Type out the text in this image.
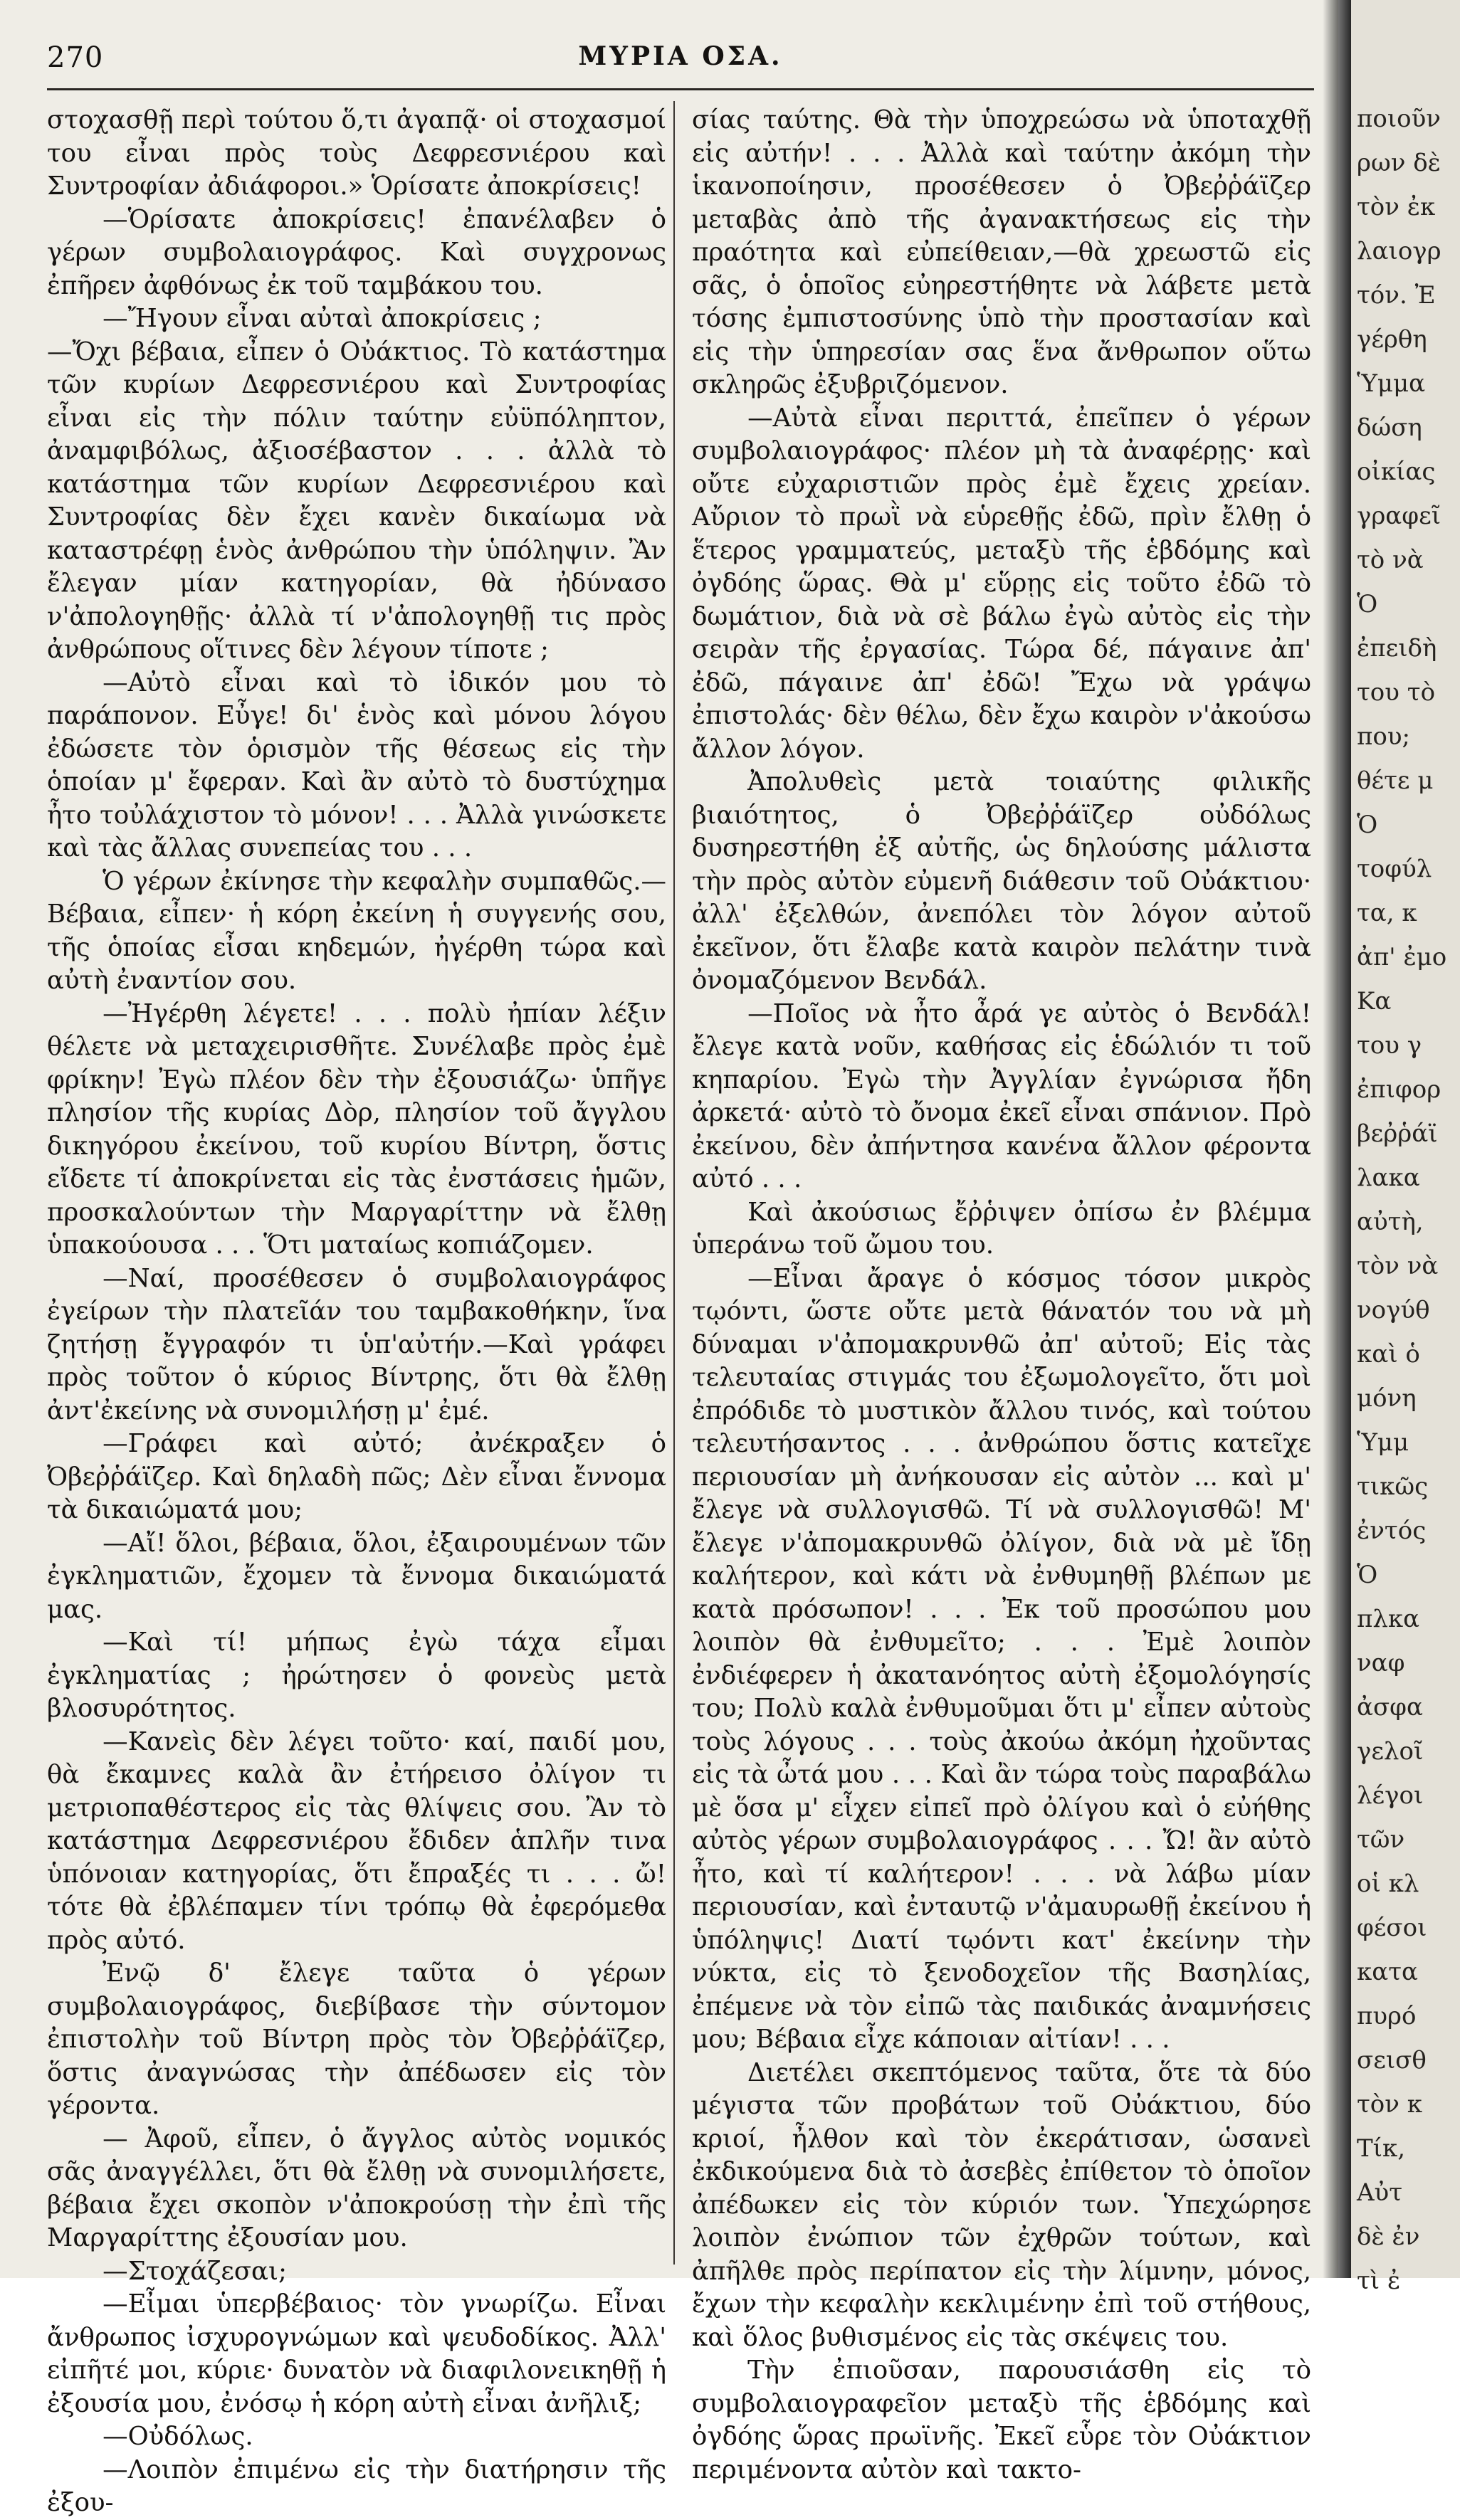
270	ΜΥΡΙΑ ΟΣΑ.

στοχασθῇ περὶ τούτου ὅ,τι ἀγαπᾷ· οἱ στοχασμοί του εἶναι πρὸς τοὺς Δεφρεσνιέρου καὶ Συντροφίαν ἀδιάφοροι.» Ὁρίσατε ἀποκρίσεις!

—Ὁρίσατε ἀποκρίσεις! ἐπανέλαβεν ὁ γέρων συμβολαιογράφος. Καὶ συγχρονως ἐπῆρεν ἀφθόνως ἐκ τοῦ ταμβάκου του.

—Ἤγουν εἶναι αὐταὶ ἀποκρίσεις ;

—Ὄχι βέβαια, εἶπεν ὁ Οὐάκτιος. Τὸ κατάστημα τῶν κυρίων Δεφρεσνιέρου καὶ Συντροφίας εἶναι εἰς τὴν πόλιν ταύτην εὐϋπόληπτον, ἀναμφιβόλως, ἀξιοσέβαστον . . . ἀλλὰ τὸ κατάστημα τῶν κυρίων Δεφρεσνιέρου καὶ Συντροφίας δὲν ἔχει κανὲν δικαίωμα νὰ καταστρέφῃ ἑνὸς ἀνθρώπου τὴν ὑπόληψιν. Ἂν ἔλεγαν μίαν κατηγορίαν, θὰ ἠδύνασο ν'ἀπολογηθῇς· ἀλλὰ τί ν'ἀπολογηθῇ τις πρὸς ἀνθρώπους οἵτινες δὲν λέγουν τίποτε ;

—Αὐτὸ εἶναι καὶ τὸ ἰδικόν μου τὸ παράπονον. Εὖγε! δι' ἑνὸς καὶ μόνου λόγου ἐδώσετε τὸν ὁρισμὸν τῆς θέσεως εἰς τὴν ὁποίαν μ' ἔφεραν. Καὶ ἂν αὐτὸ τὸ δυστύχημα ἦτο τοὐλάχιστον τὸ μόνον! . . . Ἀλλὰ γινώσκετε καὶ τὰς ἄλλας συνεπείας του . . .

Ὁ γέρων ἐκίνησε τὴν κεφαλὴν συμπαθῶς.—Βέβαια, εἶπεν· ἡ κόρη ἐκείνη ἡ συγγενής σου, τῆς ὁποίας εἶσαι κηδεμών, ἠγέρθη τώρα καὶ αὐτὴ ἐναντίον σου.

—Ἠγέρθη λέγετε! . . . πολὺ ἠπίαν λέξιν θέλετε νὰ μεταχειρισθῆτε. Συνέλαβε πρὸς ἐμὲ φρίκην! Ἐγὼ πλέον δὲν τὴν ἐξουσιάζω· ὑπῆγε πλησίον τῆς κυρίας Δὸρ, πλησίον τοῦ ἄγγλου δικηγόρου ἐκείνου, τοῦ κυρίου Βίντρη, ὅστις εἴδετε τί ἀποκρίνεται εἰς τὰς ἐνστάσεις ἡμῶν, προσκαλούντων τὴν Μαργαρίττην νὰ ἔλθῃ ὑπακούουσα . . . Ὅτι ματαίως κοπιάζομεν.

—Ναί, προσέθεσεν ὁ συμβολαιογράφος ἐγείρων τὴν πλατεῖάν του ταμβακοθήκην, ἵνα ζητήσῃ ἔγγραφόν τι ὑπ'αὐτήν.—Καὶ γράφει πρὸς τοῦτον ὁ κύριος Βίντρης, ὅτι θὰ ἔλθῃ ἀντ'ἐκείνης νὰ συνομιλήσῃ μ' ἐμέ.

—Γράφει καὶ αὐτό; ἀνέκραξεν ὁ Ὀβεῤῥάϊζερ. Καὶ δηλαδὴ πῶς; Δὲν εἶναι ἔννομα τὰ δικαιώματά μου;

—Αἴ! ὅλοι, βέβαια, ὅλοι, ἐξαιρουμένων τῶν ἐγκληματιῶν, ἔχομεν τὰ ἔννομα δικαιώματά μας.

—Καὶ τί! μήπως ἐγὼ τάχα εἶμαι ἐγκληματίας ; ἠρώτησεν ὁ φονεὺς μετὰ βλοσυρότητος.

—Κανεὶς δὲν λέγει τοῦτο· καί, παιδί μου, θὰ ἔκαμνες καλὰ ἂν ἐτήρεισο ὀλίγον τι μετριοπαθέστερος εἰς τὰς θλίψεις σου. Ἂν τὸ κατάστημα Δεφρεσνιέρου ἔδιδεν ἁπλῆν τινα ὑπόνοιαν κατηγορίας, ὅτι ἔπραξές τι . . . ὤ! τότε θὰ ἐβλέπαμεν τίνι τρόπῳ θὰ ἐφερόμεθα πρὸς αὐτό.

Ἐνῷ δ' ἔλεγε ταῦτα ὁ γέρων συμβολαιογράφος, διεβίβασε τὴν σύντομον ἐπιστολὴν τοῦ Βίντρη πρὸς τὸν Ὀβεῤῥάϊζερ, ὅστις ἀναγνώσας τὴν ἀπέδωσεν εἰς τὸν γέροντα.

— Ἀφοῦ, εἶπεν, ὁ ἄγγλος αὐτὸς νομικός σᾶς ἀναγγέλλει, ὅτι θὰ ἔλθῃ νὰ συνομιλήσετε, βέβαια ἔχει σκοπὸν ν'ἀποκρούσῃ τὴν ἐπὶ τῆς Μαργαρίττης ἐξουσίαν μου.

—Στοχάζεσαι;

—Εἶμαι ὑπερβέβαιος· τὸν γνωρίζω. Εἶναι ἄνθρωπος ἰσχυρογνώμων καὶ ψευδοδίκος. Ἀλλ' εἰπῆτέ μοι, κύριε· δυνατὸν νὰ διαφιλονεικηθῇ ἡ ἐξουσία μου, ἐνόσῳ ἡ κόρη αὐτὴ εἶναι ἀνῆλιξ;

—Οὐδόλως.

—Λοιπὸν ἐπιμένω εἰς τὴν διατήρησιν τῆς ἐξου-

σίας ταύτης. Θὰ τὴν ὑποχρεώσω νὰ ὑποταχθῇ εἰς αὐτήν! . . . Ἀλλὰ καὶ ταύτην ἀκόμη τὴν ἱκανοποίησιν, προσέθεσεν ὁ Ὀβεῤῥάϊζερ μεταβὰς ἀπὸ τῆς ἀγανακτήσεως εἰς τὴν πραότητα καὶ εὐπείθειαν,—θὰ χρεωστῶ εἰς σᾶς, ὁ ὁποῖος εὐηρεστήθητε νὰ λάβετε μετὰ τόσης ἐμπιστοσύνης ὑπὸ τὴν προστασίαν καὶ εἰς τὴν ὑπηρεσίαν σας ἕνα ἄνθρωπον οὕτω σκληρῶς ἐξυβριζόμενον.

—Αὐτὰ εἶναι περιττά, ἐπεῖπεν ὁ γέρων συμβολαιογράφος· πλέον μὴ τὰ ἀναφέρῃς· καὶ οὔτε εὐχαριστιῶν πρὸς ἐμὲ ἔχεις χρείαν. Αὔριον τὸ πρωῒ νὰ εὑρεθῇς ἐδῶ, πρὶν ἔλθῃ ὁ ἕτερος γραμματεύς, μεταξὺ τῆς ἑβδόμης καὶ ὀγδόης ὥρας. Θὰ μ' εὕρῃς εἰς τοῦτο ἐδῶ τὸ δωμάτιον, διὰ νὰ σὲ βάλω ἐγὼ αὐτὸς εἰς τὴν σειρὰν τῆς ἐργασίας. Τώρα δέ, πάγαινε ἀπ' ἐδῶ, πάγαινε ἀπ' ἐδῶ! Ἔχω νὰ γράψω ἐπιστολάς· δὲν θέλω, δὲν ἔχω καιρὸν ν'ἀκούσω ἄλλον λόγον.

Ἀπολυθεὶς μετὰ τοιαύτης φιλικῆς βιαιότητος, ὁ Ὀβεῤῥάϊζερ οὐδόλως δυσηρεστήθη ἐξ αὐτῆς, ὡς δηλούσης μάλιστα τὴν πρὸς αὐτὸν εὐμενῆ διάθεσιν τοῦ Οὐάκτιου· ἀλλ' ἐξελθών, ἀνεπόλει τὸν λόγον αὐτοῦ ἐκεῖνον, ὅτι ἔλαβε κατὰ καιρὸν πελάτην τινὰ ὀνομαζόμενον Βενδάλ.

—Ποῖος νὰ ἦτο ἆρά γε αὐτὸς ὁ Βενδάλ! ἔλεγε κατὰ νοῦν, καθήσας εἰς ἑδώλιόν τι τοῦ κηπαρίου. Ἐγὼ τὴν Ἀγγλίαν ἐγνώρισα ἤδη ἀρκετά· αὐτὸ τὸ ὄνομα ἐκεῖ εἶναι σπάνιον. Πρὸ ἐκείνου, δὲν ἀπήντησα κανένα ἄλλον φέροντα αὐτό . . .

Καὶ ἀκούσιως ἔῤῥιψεν ὀπίσω ἐν βλέμμα ὑπεράνω τοῦ ὤμου του.

—Εἶναι ἄραγε ὁ κόσμος τόσον μικρὸς τῳόντι, ὥστε οὔτε μετὰ θάνατόν του νὰ μὴ δύναμαι ν'ἀπομακρυνθῶ ἀπ' αὐτοῦ; Εἰς τὰς τελευταίας στιγμάς του ἐξωμολογεῖτο, ὅτι μοὶ ἐπρόδιδε τὸ μυστικὸν ἄλλου τινός, καὶ τούτου τελευτήσαντος . . . ἀνθρώπου ὅστις κατεῖχε περιουσίαν μὴ ἀνήκουσαν εἰς αὐτὸν ... καὶ μ' ἔλεγε νὰ συλλογισθῶ. Τί νὰ συλλογισθῶ! Μ' ἔλεγε ν'ἀπομακρυνθῶ ὀλίγον, διὰ νὰ μὲ ἴδῃ καλήτερον, καὶ κάτι νὰ ἐνθυμηθῇ βλέπων με κατὰ πρόσωπον! . . . Ἐκ τοῦ προσώπου μου λοιπὸν θὰ ἐνθυμεῖτο; . . . Ἐμὲ λοιπὸν ἐνδιέφερεν ἡ ἀκατανόητος αὐτὴ ἐξομολόγησίς του; Πολὺ καλὰ ἐνθυμοῦμαι ὅτι μ' εἶπεν αὐτοὺς τοὺς λόγους . . . τοὺς ἀκούω ἀκόμη ἠχοῦντας εἰς τὰ ὦτά μου . . . Καὶ ἂν τώρα τοὺς παραβάλω μὲ ὅσα μ' εἶχεν εἰπεῖ πρὸ ὀλίγου καὶ ὁ εὐήθης αὐτὸς γέρων συμβολαιογράφος . . . Ὤ! ἂν αὐτὸ ἦτο, καὶ τί καλήτερον! . . . νὰ λάβω μίαν περιουσίαν, καὶ ἐνταυτῷ ν'ἀμαυρωθῇ ἐκείνου ἡ ὑπόληψις! Διατί τῳόντι κατ' ἐκείνην τὴν νύκτα, εἰς τὸ ξενοδοχεῖον τῆς Βασηλίας, ἐπέμενε νὰ τὸν εἰπῶ τὰς παιδικάς ἀναμνήσεις μου; Βέβαια εἶχε κάποιαν αἰτίαν! . . .

Διετέλει σκεπτόμενος ταῦτα, ὅτε τὰ δύο μέγιστα τῶν προβάτων τοῦ Οὐάκτιου, δύο κριοί, ἦλθον καὶ τὸν ἐκεράτισαν, ὡσανεὶ ἐκδικούμενα διὰ τὸ ἀσεβὲς ἐπίθετον τὸ ὁποῖον ἀπέδωκεν εἰς τὸν κύριόν των. Ὑπεχώρησε λοιπὸν ἐνώπιον τῶν ἐχθρῶν τούτων, καὶ ἀπῆλθε πρὸς περίπατον εἰς τὴν λίμνην, μόνος, ἔχων τὴν κεφαλὴν κεκλιμένην ἐπὶ τοῦ στήθους, καὶ ὅλος βυθισμένος εἰς τὰς σκέψεις του.

Τὴν ἐπιοῦσαν, παρουσιάσθη εἰς τὸ συμβολαιογραφεῖον μεταξὺ τῆς ἑβδόμης καὶ ὀγδόης ὥρας πρωϊνῆς. Ἐκεῖ εὗρε τὸν Οὐάκτιον περιμένοντα αὐτὸν καὶ τακτο-

ποιοῦν
ρων δὲ
τὸν ἐκ
λαιογρ
τόν. Ἐ
γέρθη
Ὑμμα
δώση
οἰκίας
γραφεῖ
τὸ νὰ
Ὁ
ἐπειδὴ
του τὸ
που;
θέτε μ
Ὁ
τοφύλ
τα, κ
ἀπ' ἐμο
Κα
του γ
ἐπιφορ
βεῤῥάϊ
λακα
αὐτὴ,
τὸν νὰ
νογύθ
καὶ ὁ
μόνη
Ὑμμ
τικῶς
ἐντός
Ὁ
πλκα
ναφ
ἀσφα
γελοῖ
λέγοι
τῶν
οἱ κλ
φέσοι
κατα
πυρό
σεισθ
τὸν κ
Τίκ,
Αὐτ
δὲ ἐν
τὶ ἐ
